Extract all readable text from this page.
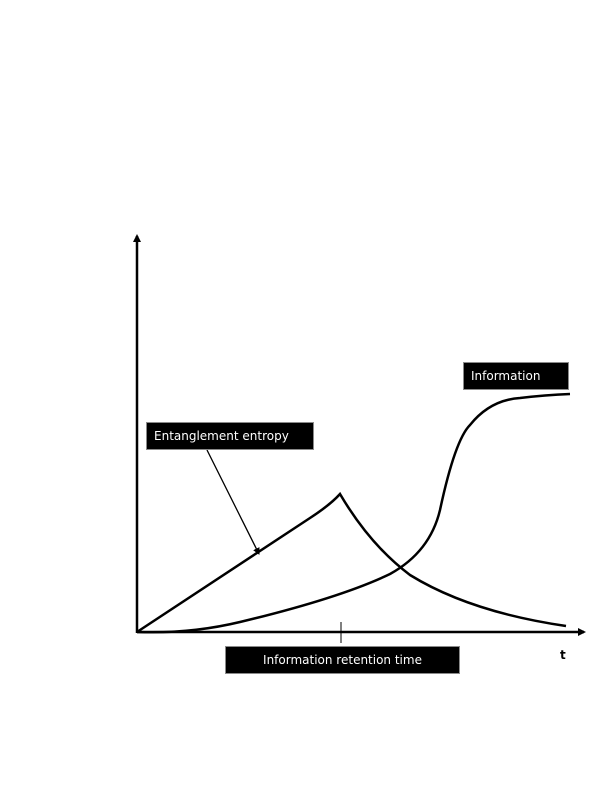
Entanglement entropy
Information
Information retention time	t
